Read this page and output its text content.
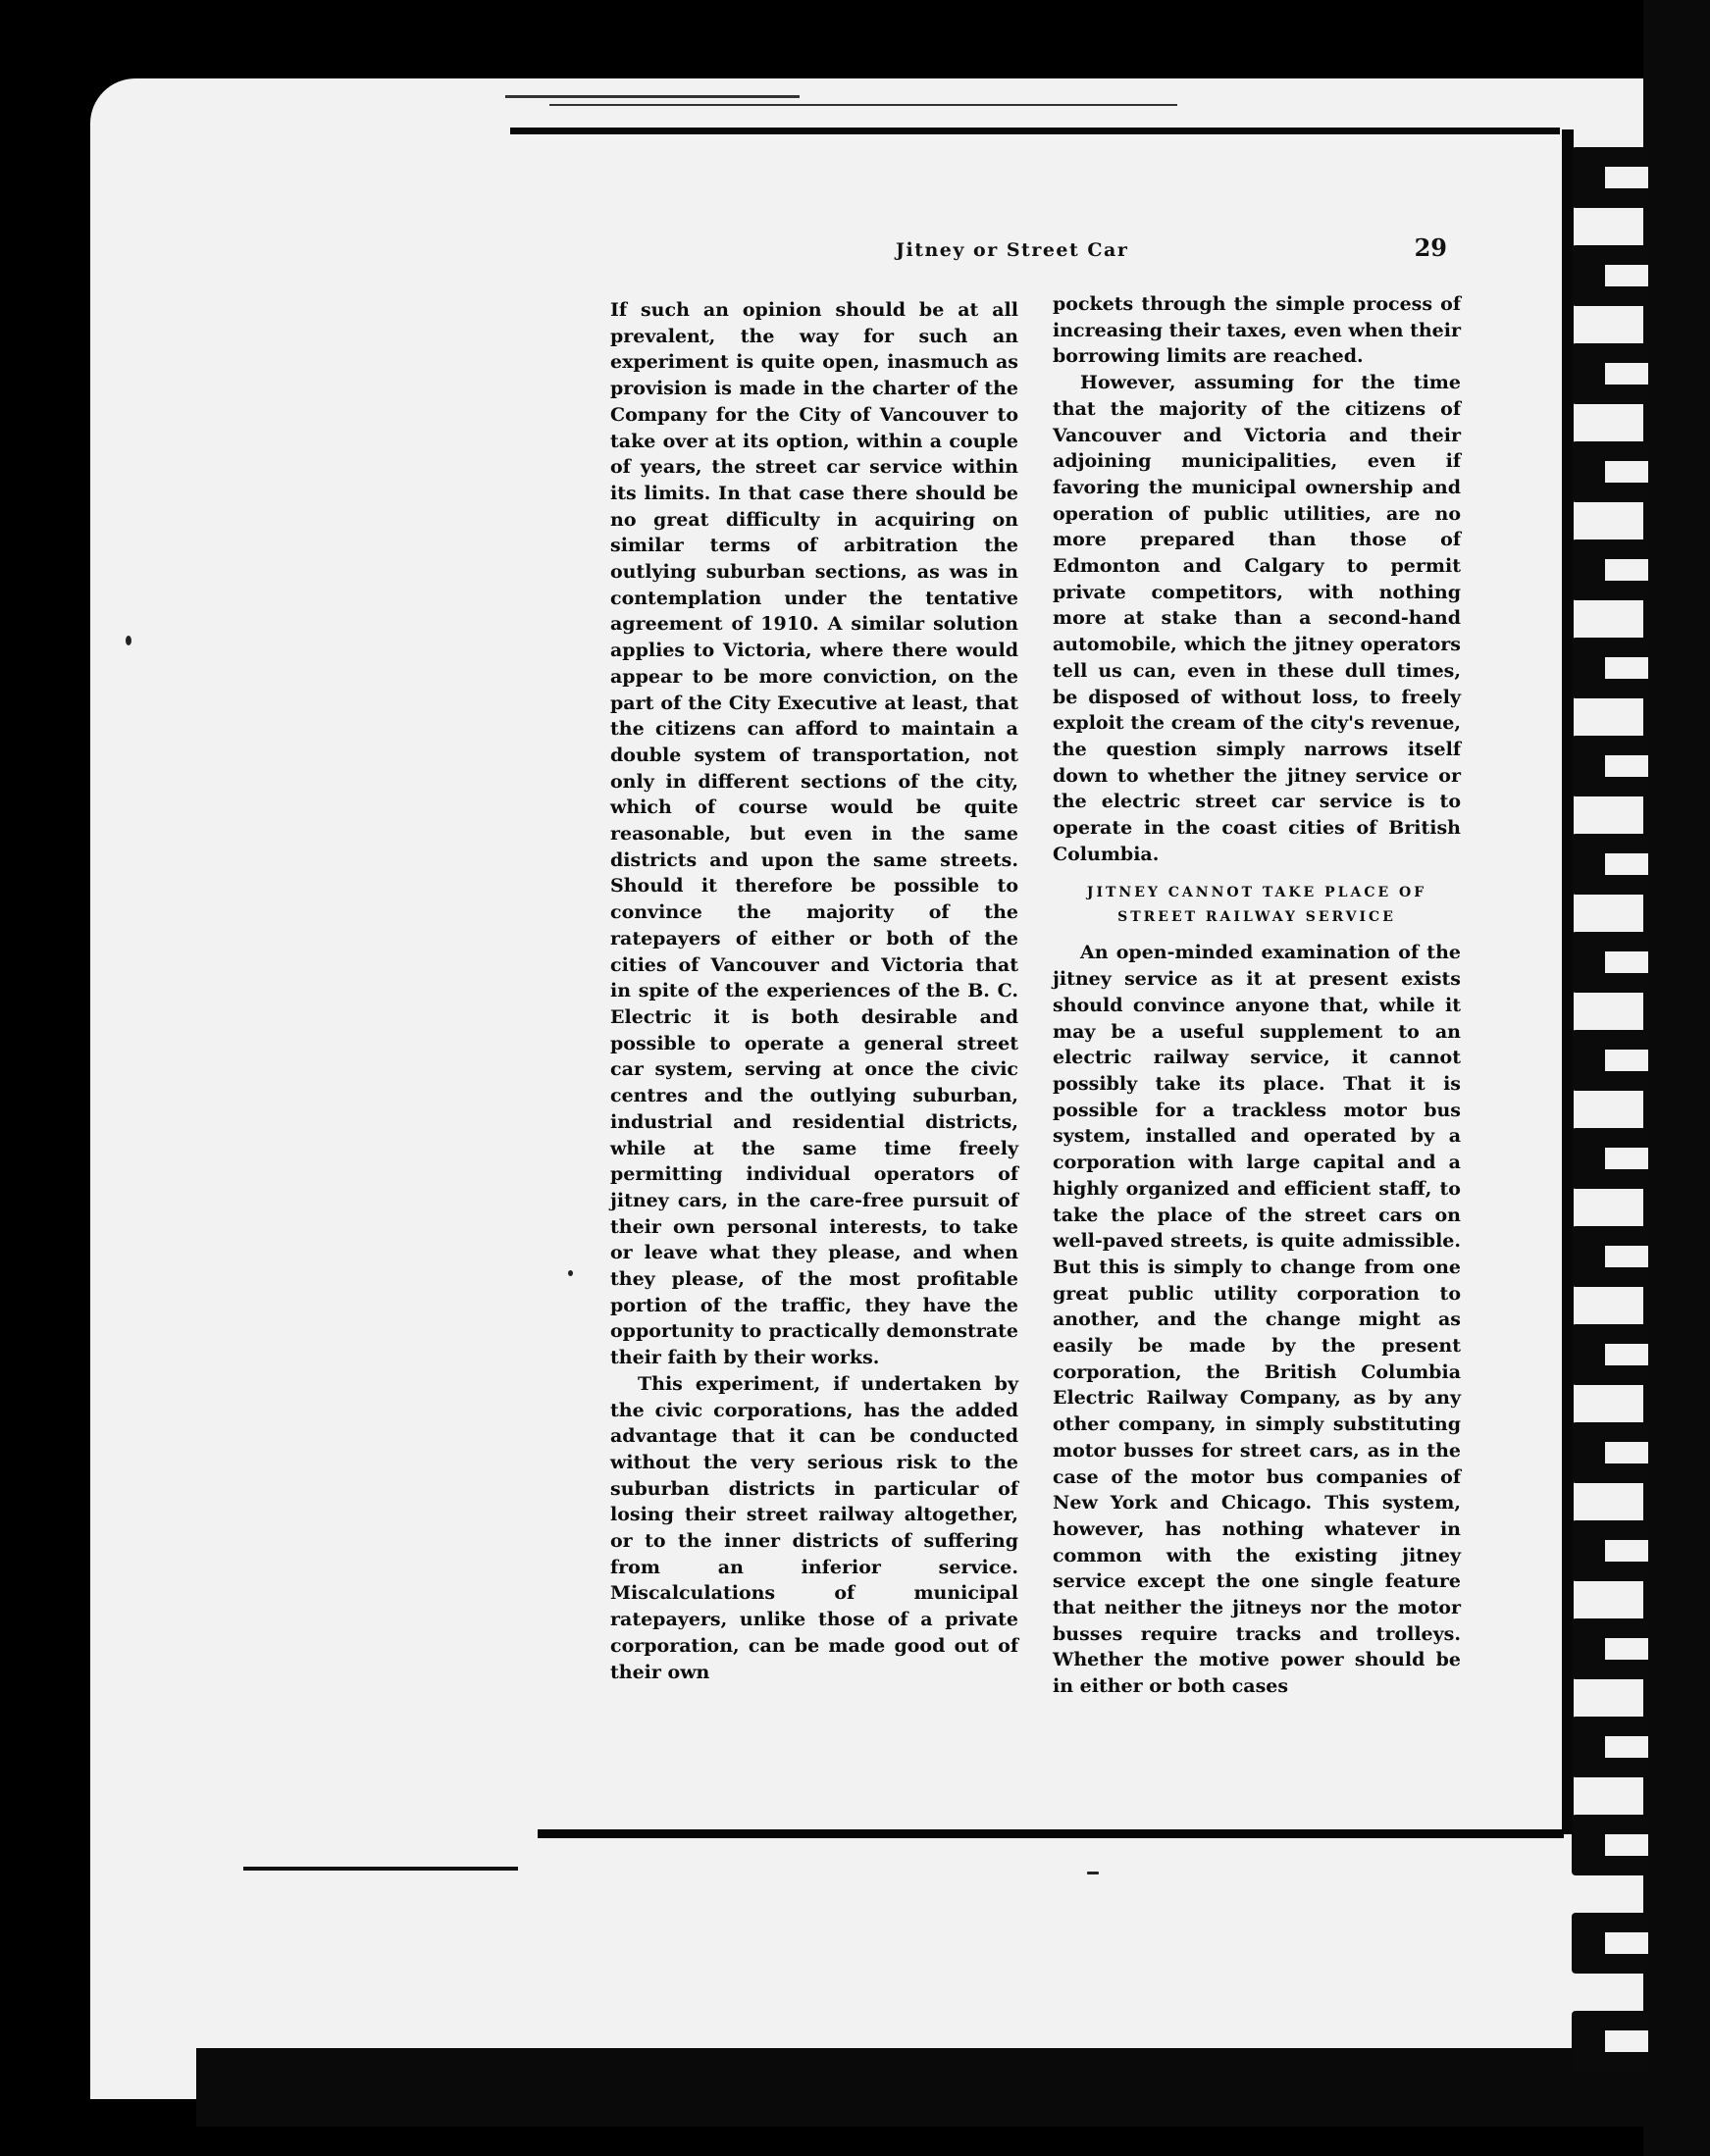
Jitney or Street Car	29

If such an opinion should be at all prevalent, the way for such an experiment is quite open, inasmuch as provision is made in the charter of the Company for the City of Vancouver to take over at its option, within a couple of years, the street car service within its limits. In that case there should be no great difficulty in acquiring on similar terms of arbitration the outlying suburban sections, as was in contemplation under the tentative agreement of 1910. A similar solution applies to Victoria, where there would appear to be more conviction, on the part of the City Executive at least, that the citizens can afford to maintain a double system of transportation, not only in different sections of the city, which of course would be quite reasonable, but even in the same districts and upon the same streets. Should it therefore be possible to convince the majority of the ratepayers of either or both of the cities of Vancouver and Victoria that in spite of the experiences of the B. C. Electric it is both desirable and possible to operate a general street car system, serving at once the civic centres and the outlying suburban, industrial and residential districts, while at the same time freely permitting individual operators of jitney cars, in the care-free pursuit of their own personal interests, to take or leave what they please, and when they please, of the most profitable portion of the traffic, they have the opportunity to practically demonstrate their faith by their works.

This experiment, if undertaken by the civic corporations, has the added advantage that it can be conducted without the very serious risk to the suburban districts in particular of losing their street railway altogether, or to the inner districts of suffering from an inferior service. Miscalculations of municipal ratepayers, unlike those of a private corporation, can be made good out of their own

pockets through the simple process of increasing their taxes, even when their borrowing limits are reached.

However, assuming for the time that the majority of the citizens of Vancouver and Victoria and their adjoining municipalities, even if favoring the municipal ownership and operation of public utilities, are no more prepared than those of Edmonton and Calgary to permit private competitors, with nothing more at stake than a second-hand automobile, which the jitney operators tell us can, even in these dull times, be disposed of without loss, to freely exploit the cream of the city's revenue, the question simply narrows itself down to whether the jitney service or the electric street car service is to operate in the coast cities of British Columbia.

JITNEY CANNOT TAKE PLACE OF
STREET RAILWAY SERVICE

An open-minded examination of the jitney service as it at present exists should convince anyone that, while it may be a useful supplement to an electric railway service, it cannot possibly take its place. That it is possible for a trackless motor bus system, installed and operated by a corporation with large capital and a highly organized and efficient staff, to take the place of the street cars on well-paved streets, is quite admissible. But this is simply to change from one great public utility corporation to another, and the change might as easily be made by the present corporation, the British Columbia Electric Railway Company, as by any other company, in simply substituting motor busses for street cars, as in the case of the motor bus companies of New York and Chicago. This system, however, has nothing whatever in common with the existing jitney service except the one single feature that neither the jitneys nor the motor busses require tracks and trolleys. Whether the motive power should be in either or both cases
